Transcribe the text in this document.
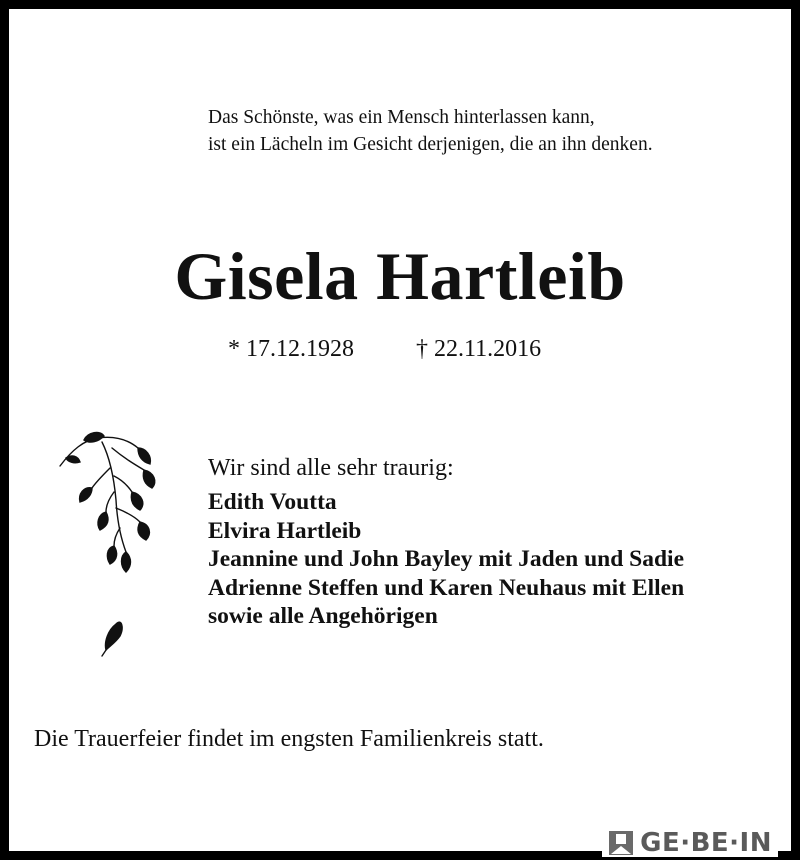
Das Schönste, was ein Mensch hinterlassen kann,
ist ein Lächeln im Gesicht derjenigen, die an ihn denken.

Gisela Hartleib
* 17.12.1928	† 22.11.2016

Wir sind alle sehr traurig:

Edith Voutta
Elvira Hartleib
Jeannine und John Bayley mit Jaden und Sadie
Adrienne Steffen und Karen Neuhaus mit Ellen
sowie alle Angehörigen

Die Trauerfeier findet im engsten Familienkreis statt.

GE·BE·IN
